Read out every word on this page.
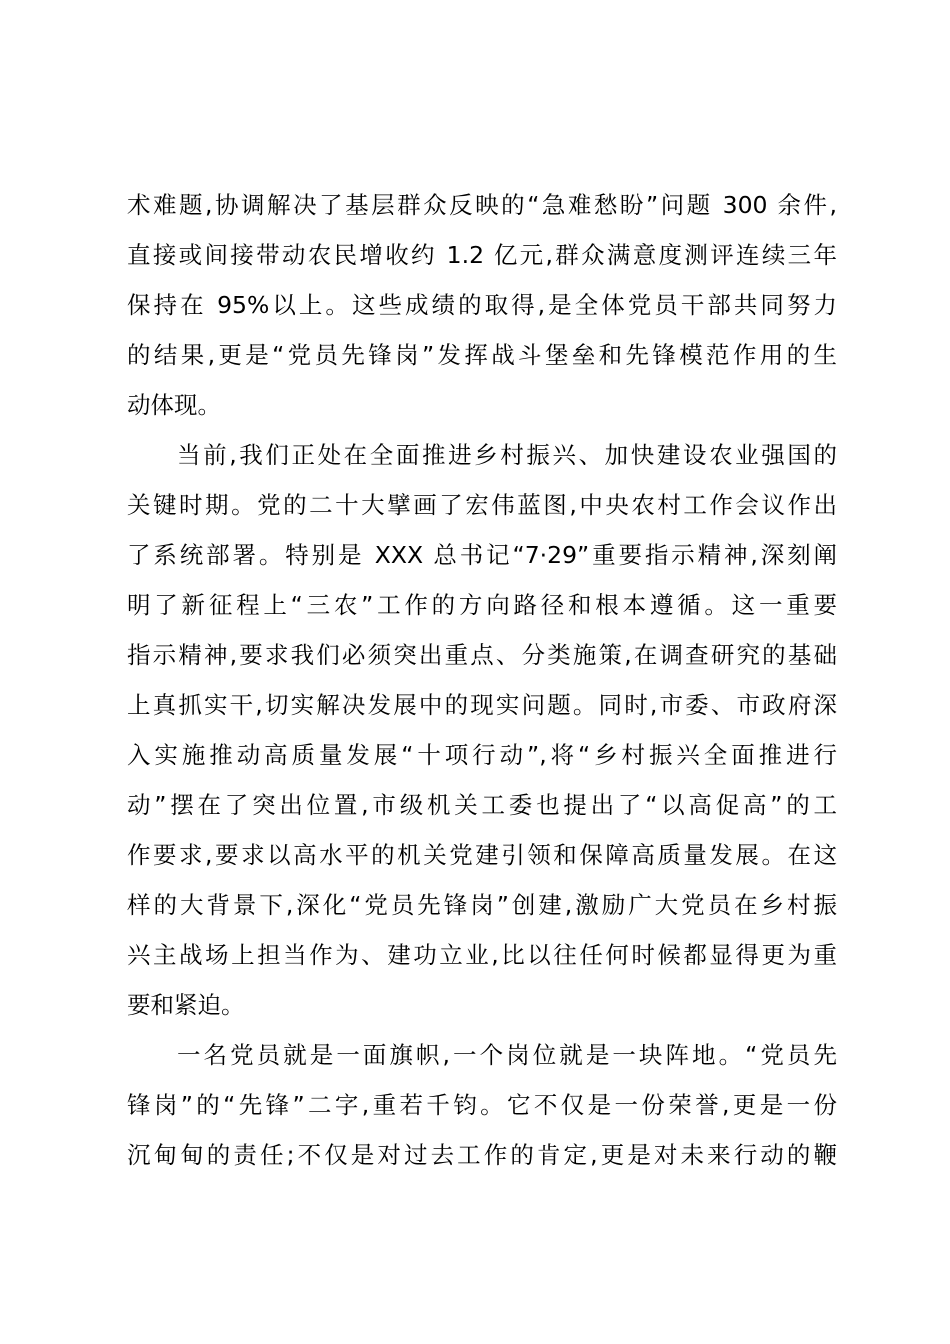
术难题,协调解决了基层群众反映的“急难愁盼”问题 300 余件,
直接或间接带动农民增收约 1.2 亿元,群众满意度测评连续三年
保持在 95%以上。这些成绩的取得,是全体党员干部共同努力
的结果,更是“党员先锋岗”发挥战斗堡垒和先锋模范作用的生
动体现。
当前,我们正处在全面推进乡村振兴、加快建设农业强国的
关键时期。党的二十大擘画了宏伟蓝图,中央农村工作会议作出
了系统部署。特别是 XXX 总书记“7·29”重要指示精神,深刻阐
明了新征程上“三农”工作的方向路径和根本遵循。这一重要
指示精神,要求我们必须突出重点、分类施策,在调查研究的基础
上真抓实干,切实解决发展中的现实问题。同时,市委、市政府深
入实施推动高质量发展“十项行动”,将“乡村振兴全面推进行
动”摆在了突出位置,市级机关工委也提出了“以高促高”的工
作要求,要求以高水平的机关党建引领和保障高质量发展。在这
样的大背景下,深化“党员先锋岗”创建,激励广大党员在乡村振
兴主战场上担当作为、建功立业,比以往任何时候都显得更为重
要和紧迫。
一名党员就是一面旗帜,一个岗位就是一块阵地。“党员先
锋岗”的“先锋”二字,重若千钧。它不仅是一份荣誉,更是一份
沉甸甸的责任;不仅是对过去工作的肯定,更是对未来行动的鞭
